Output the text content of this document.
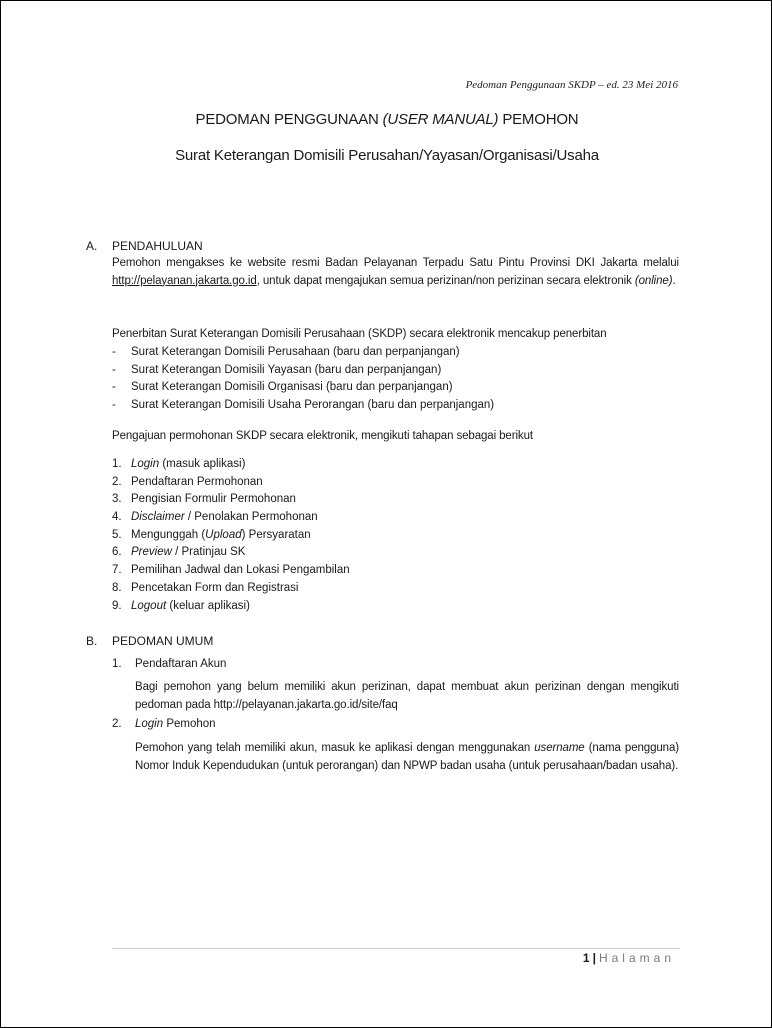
Pedoman Penggunaan SKDP – ed. 23 Mei 2016
PEDOMAN PENGGUNAAN (USER MANUAL) PEMOHON
Surat Keterangan Domisili Perusahan/Yayasan/Organisasi/Usaha
A. PENDAHULUAN
Pemohon mengakses ke website resmi Badan Pelayanan Terpadu Satu Pintu Provinsi DKI Jakarta melalui http://pelayanan.jakarta.go.id, untuk dapat mengajukan semua perizinan/non perizinan secara elektronik (online).
Penerbitan Surat Keterangan Domisili Perusahaan (SKDP) secara elektronik mencakup penerbitan
- Surat Keterangan Domisili Perusahaan (baru dan perpanjangan)
- Surat Keterangan Domisili Yayasan (baru dan perpanjangan)
- Surat Keterangan Domisili Organisasi (baru dan perpanjangan)
- Surat Keterangan Domisili Usaha Perorangan (baru dan perpanjangan)
Pengajuan permohonan SKDP secara elektronik, mengikuti tahapan sebagai berikut
1. Login (masuk aplikasi)
2. Pendaftaran Permohonan
3. Pengisian Formulir Permohonan
4. Disclaimer / Penolakan Permohonan
5. Mengunggah (Upload) Persyaratan
6. Preview / Pratinjau SK
7. Pemilihan Jadwal dan Lokasi Pengambilan
8. Pencetakan Form dan Registrasi
9. Logout (keluar aplikasi)
B. PEDOMAN UMUM
1. Pendaftaran Akun
Bagi pemohon yang belum memiliki akun perizinan, dapat membuat akun perizinan dengan mengikuti pedoman pada http://pelayanan.jakarta.go.id/site/faq
2. Login Pemohon
Pemohon yang telah memiliki akun, masuk ke aplikasi dengan menggunakan username (nama pengguna) Nomor Induk Kependudukan (untuk perorangan) dan NPWP badan usaha (untuk perusahaan/badan usaha).
1 | Halaman
